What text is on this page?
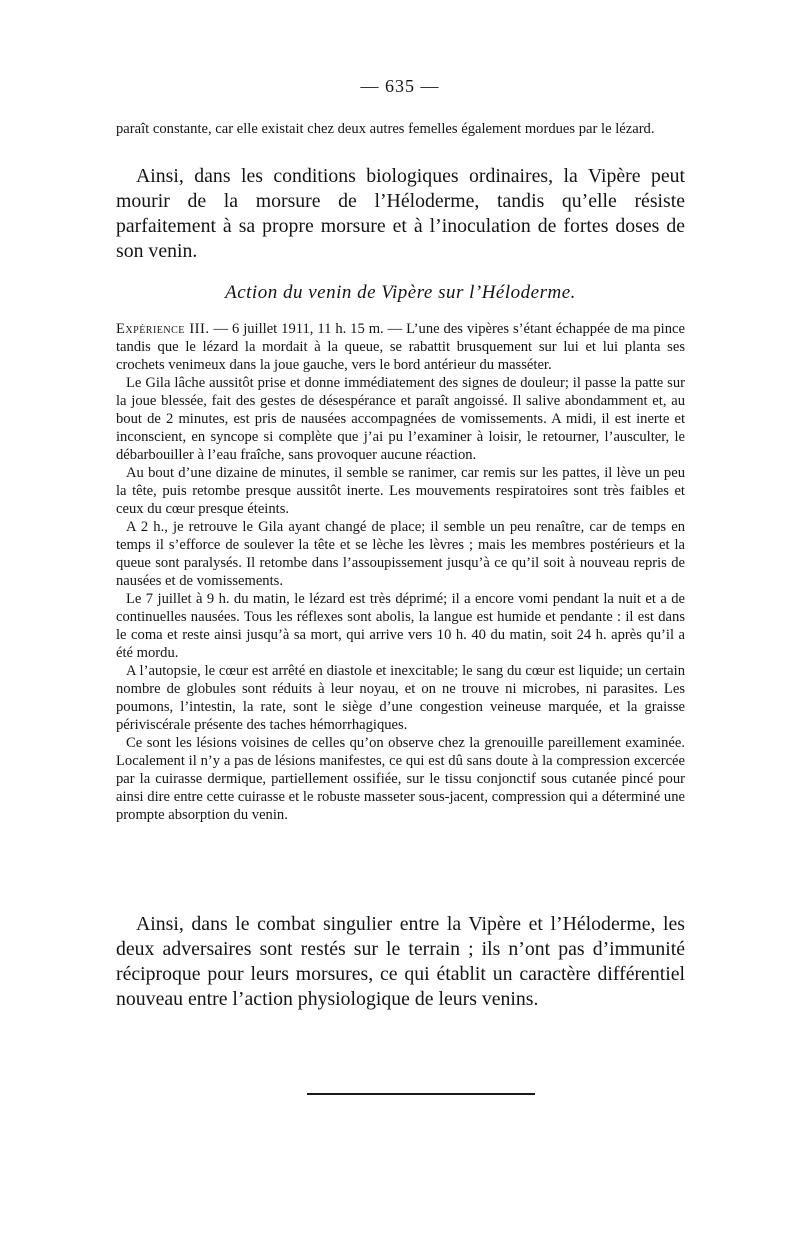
— 635 —

paraît constante, car elle existait chez deux autres femelles également mordues par le lézard.

Ainsi, dans les conditions biologiques ordinaires, la Vipère peut mourir de la morsure de l’Héloderme, tandis qu’elle résiste parfaitement à sa propre morsure et à l’inoculation de fortes doses de son venin.

Action du venin de Vipère sur l’Héloderme.

Expérience III. — 6 juillet 1911, 11 h. 15 m. — L’une des vipères s’étant échappée de ma pince tandis que le lézard la mordait à la queue, se rabattit brusquement sur lui et lui planta ses crochets venimeux dans la joue gauche, vers le bord antérieur du masséter.

Le Gila lâche aussitôt prise et donne immédiatement des signes de douleur; il passe la patte sur la joue blessée, fait des gestes de désespérance et paraît angoissé. Il salive abondamment et, au bout de 2 minutes, est pris de nausées accompagnées de vomissements. A midi, il est inerte et inconscient, en syncope si complète que j’ai pu l’examiner à loisir, le retourner, l’ausculter, le débarbouiller à l’eau fraîche, sans provoquer aucune réaction.

Au bout d’une dizaine de minutes, il semble se ranimer, car remis sur les pattes, il lève un peu la tête, puis retombe presque aussitôt inerte. Les mouvements respiratoires sont très faibles et ceux du cœur presque éteints.

A 2 h., je retrouve le Gila ayant changé de place; il semble un peu renaître, car de temps en temps il s’efforce de soulever la tête et se lèche les lèvres ; mais les membres postérieurs et la queue sont paralysés. Il retombe dans l’assoupissement jusqu’à ce qu’il soit à nouveau repris de nausées et de vomissements.

Le 7 juillet à 9 h. du matin, le lézard est très déprimé; il a encore vomi pendant la nuit et a de continuelles nausées. Tous les réflexes sont abolis, la langue est humide et pendante : il est dans le coma et reste ainsi jusqu’à sa mort, qui arrive vers 10 h. 40 du matin, soit 24 h. après qu’il a été mordu.

A l’autopsie, le cœur est arrêté en diastole et inexcitable; le sang du cœur est liquide; un certain nombre de globules sont réduits à leur noyau, et on ne trouve ni microbes, ni parasites. Les poumons, l’intestin, la rate, sont le siège d’une congestion veineuse marquée, et la graisse périviscérale présente des taches hémorrhagiques.

Ce sont les lésions voisines de celles qu’on observe chez la grenouille pareillement examinée. Localement il n’y a pas de lésions manifestes, ce qui est dû sans doute à la compression excercée par la cuirasse dermique, partiellement ossifiée, sur le tissu conjonctif sous cutanée pincé pour ainsi dire entre cette cuirasse et le robuste masseter sous-jacent, compression qui a déterminé une prompte absorption du venin.

Ainsi, dans le combat singulier entre la Vipère et l’Héloderme, les deux adversaires sont restés sur le terrain ; ils n’ont pas d’immunité réciproque pour leurs morsures, ce qui établit un caractère différentiel nouveau entre l’action physiologique de leurs venins.
